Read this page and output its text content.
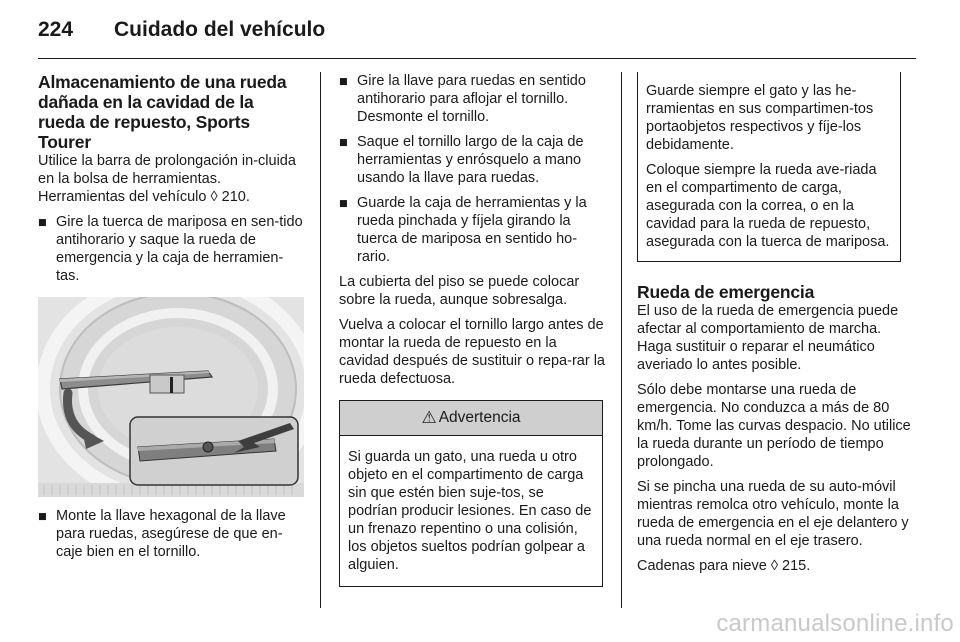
224	Cuidado del vehículo
Almacenamiento de una rueda dañada en la cavidad de la rueda de repuesto, Sports Tourer

Utilice la barra de prolongación in-cluida en la bolsa de herramientas.

Herramientas del vehículo ◊ 210.

■ Gire la tuerca de mariposa en sen-tido antihorario y saque la rueda de emergencia y la caja de herramien-tas.
■ Monte la llave hexagonal de la llave para ruedas, asegúrese de que en-caje bien en el tornillo.
■ Gire la llave para ruedas en sentido antihorario para aflojar el tornillo. Desmonte el tornillo.
■ Saque el tornillo largo de la caja de herramientas y enrósquelo a mano usando la llave para ruedas.
■ Guarde la caja de herramientas y la rueda pinchada y fíjela girando la tuerca de mariposa en sentido ho-rario.

La cubierta del piso se puede colocar sobre la rueda, aunque sobresalga.

Vuelva a colocar el tornillo largo antes de montar la rueda de repuesto en la cavidad después de sustituir o repa-rar la rueda defectuosa.

⚠ Advertencia

Si guarda un gato, una rueda u otro objeto en el compartimento de carga sin que estén bien suje-tos, se podrían producir lesiones. En caso de un frenazo repentino o una colisión, los objetos sueltos podrían golpear a alguien.

Guarde siempre el gato y las he-rramientas en sus compartimen-tos portaobjetos respectivos y fíje-los debidamente.

Coloque siempre la rueda ave-riada en el compartimento de carga, asegurada con la correa, o en la cavidad para la rueda de repuesto, asegurada con la tuerca de mariposa.

Rueda de emergencia

El uso de la rueda de emergencia puede afectar al comportamiento de marcha. Haga sustituir o reparar el neumático averiado lo antes posible.

Sólo debe montarse una rueda de emergencia. No conduzca a más de 80 km/h. Tome las curvas despacio. No utilice la rueda durante un período de tiempo prolongado.

Si se pincha una rueda de su auto-móvil mientras remolca otro vehículo, monte la rueda de emergencia en el eje delantero y una rueda normal en el eje trasero.

Cadenas para nieve ◊ 215.

carmanualsonline.info
